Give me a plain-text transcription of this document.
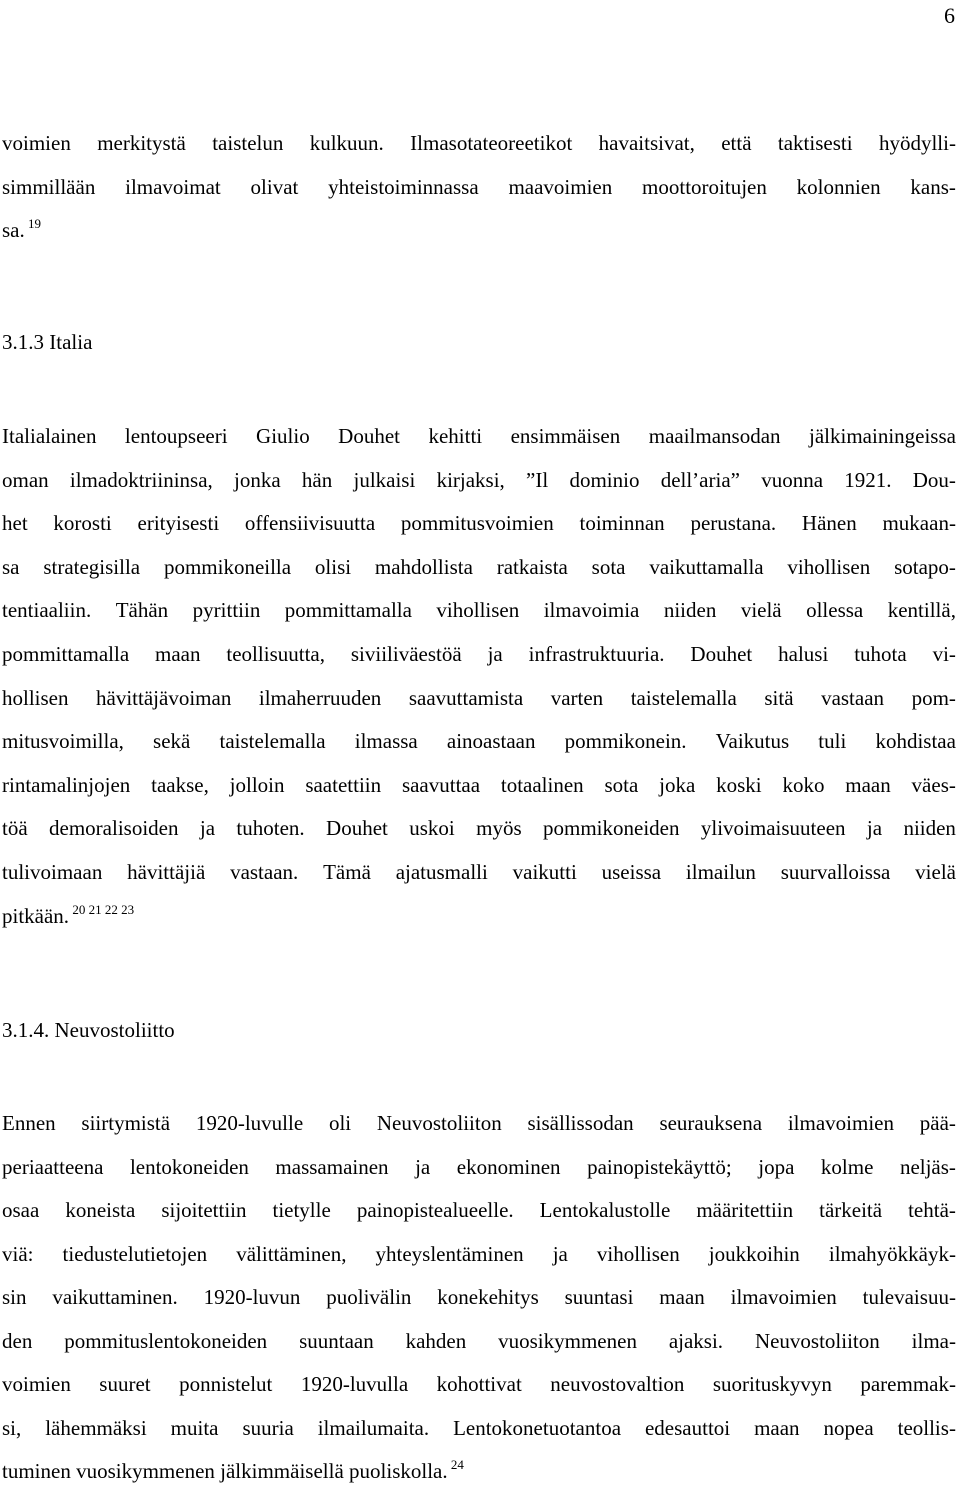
6
voimien merkitystä taistelun kulkuun. Ilmasotateoreetikot havaitsivat, että taktisesti hyödylli-
simmillään ilmavoimat olivat yhteistoiminnassa maavoimien moottoroitujen kolonnien kans-
sa. $^{19}$
3.1.3 Italia
Italialainen lentoupseeri Giulio Douhet kehitti ensimmäisen maailmansodan jälkimainingeissa
oman ilmadoktriininsa, jonka hän julkaisi kirjaksi, ”Il dominio dell’aria” vuonna 1921. Dou-
het korosti erityisesti offensiivisuutta pommitusvoimien toiminnan perustana. Hänen mukaan-
sa strategisilla pommikoneilla olisi mahdollista ratkaista sota vaikuttamalla vihollisen sotapo-
tentiaaliin. Tähän pyrittiin pommittamalla vihollisen ilmavoimia niiden vielä ollessa kentillä,
pommittamalla maan teollisuutta, siviiliväestöä ja infrastruktuuria. Douhet halusi tuhota vi-
hollisen hävittäjävoiman ilmaherruuden saavuttamista varten taistelemalla sitä vastaan pom-
mitusvoimilla, sekä taistelemalla ilmassa ainoastaan pommikonein. Vaikutus tuli kohdistaa
rintamalinjojen taakse, jolloin saatettiin saavuttaa totaalinen sota joka koski koko maan väes-
töä demoralisoiden ja tuhoten. Douhet uskoi myös pommikoneiden ylivoimaisuuteen ja niiden
tulivoimaan hävittäjiä vastaan. Tämä ajatusmalli vaikutti useissa ilmailun suurvalloissa vielä
pitkään. $^{20 21 22 23}$
3.1.4. Neuvostoliitto
Ennen siirtymistä 1920-luvulle oli Neuvostoliiton sisällissodan seurauksena ilmavoimien pää-
periaatteena lentokoneiden massamainen ja ekonominen painopistekäyttö; jopa kolme neljäs-
osaa koneista sijoitettiin tietylle painopistealueelle. Lentokalustolle määritettiin tärkeitä tehtä-
viä: tiedustelutietojen välittäminen, yhteyslentäminen ja vihollisen joukkoihin ilmahyökkäyk-
sin vaikuttaminen. 1920-luvun puolivälin konekehitys suuntasi maan ilmavoimien tulevaisuu-
den pommituslentokoneiden suuntaan kahden vuosikymmenen ajaksi. Neuvostoliiton ilma-
voimien suuret ponnistelut 1920-luvulla kohottivat neuvostovaltion suorituskyvyn paremmak-
si, lähemmäksi muita suuria ilmailumaita. Lentokonetuotantoa edesauttoi maan nopea teollis-
tuminen vuosikymmenen jälkimmäisellä puoliskolla. $^{24}$
